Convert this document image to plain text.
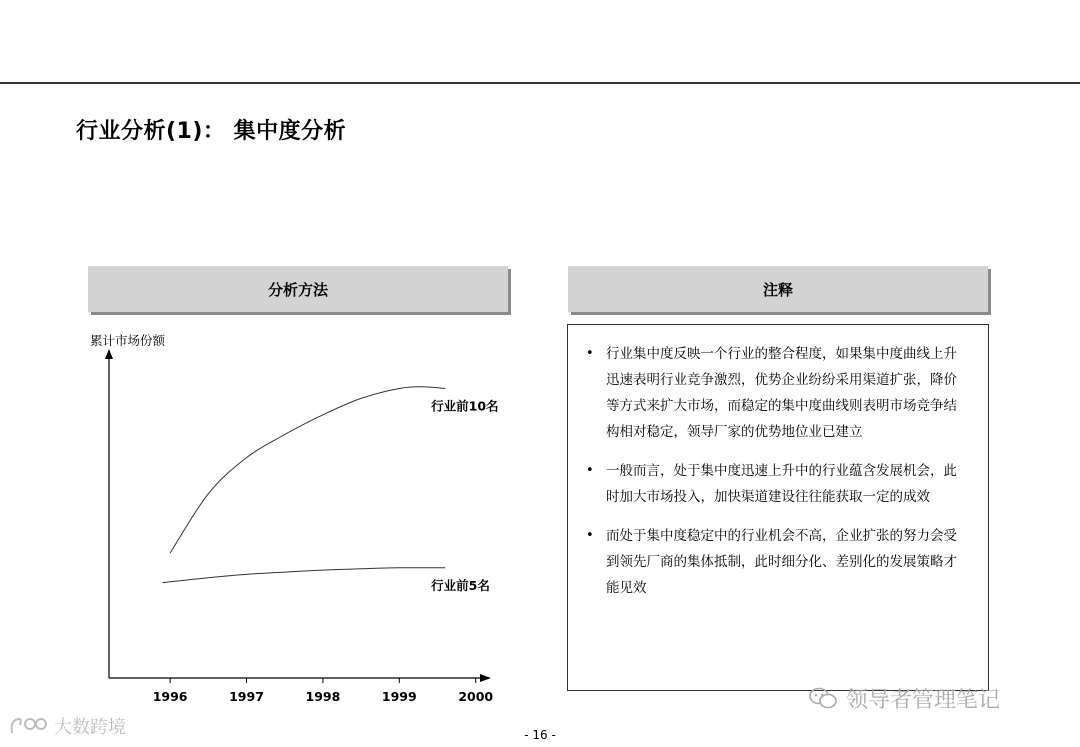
行业分析(1)： 集中度分析
分析方法	注释
累计市场份额
1996	1997	1998	1999	2000
行业前10名
行业前5名
• 行业集中度反映一个行业的整合程度，如果集中度曲线上升迅速表明行业竞争激烈，优势企业纷纷采用渠道扩张，降价等方式来扩大市场，而稳定的集中度曲线则表明市场竞争结构相对稳定，领导厂家的优势地位业已建立
• 一般而言，处于集中度迅速上升中的行业蕴含发展机会，此时加大市场投入，加快渠道建设往往能获取一定的成效
• 而处于集中度稳定中的行业机会不高，企业扩张的努力会受到领先厂商的集体抵制，此时细分化、差别化的发展策略才能见效
领导者管理笔记
大数跨境	- 16 -
